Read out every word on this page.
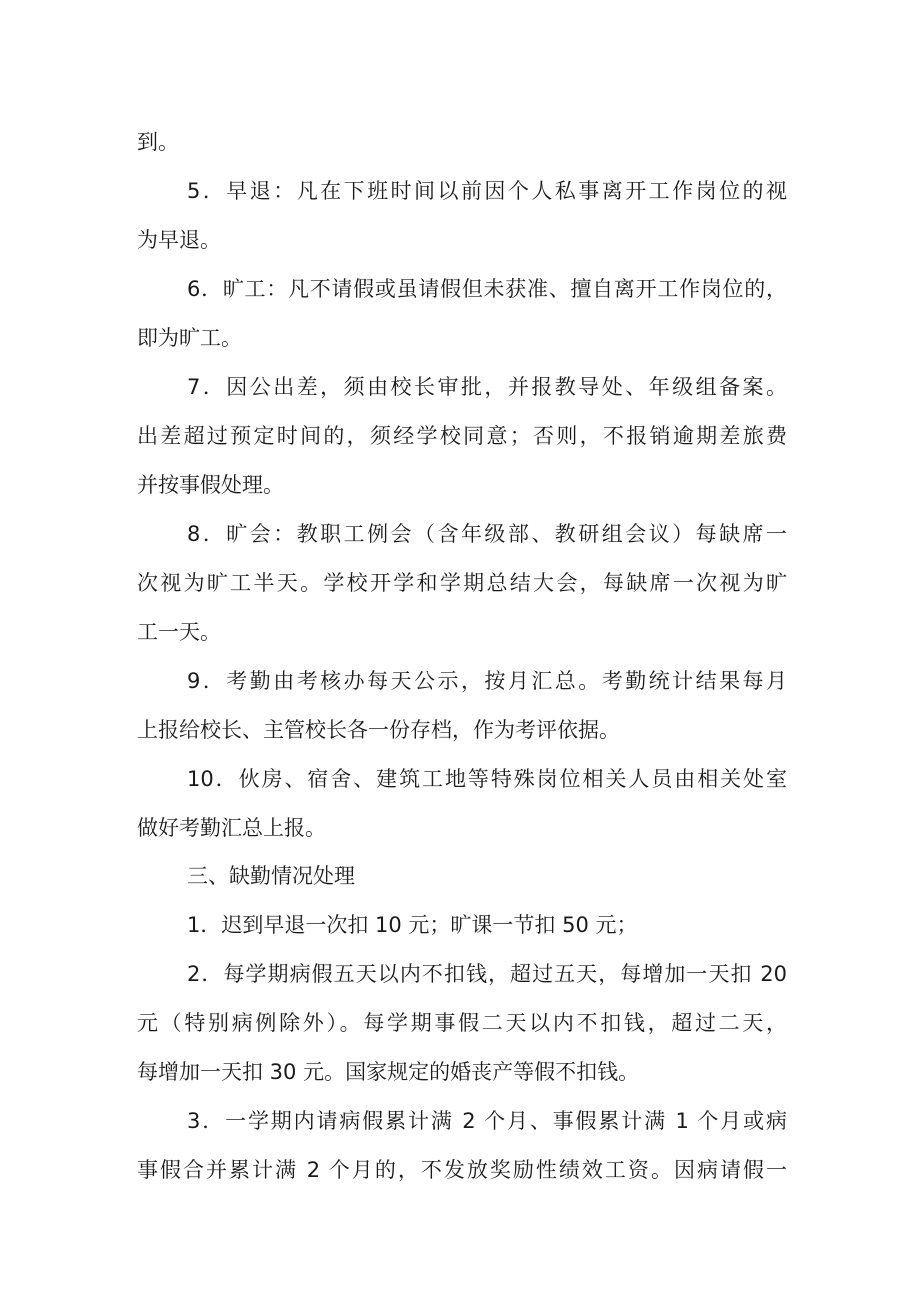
到。
5．早退：凡在下班时间以前因个人私事离开工作岗位的视
为早退。
6．旷工：凡不请假或虽请假但未获准、擅自离开工作岗位的，
即为旷工。
7．因公出差，须由校长审批，并报教导处、年级组备案。
出差超过预定时间的，须经学校同意；否则，不报销逾期差旅费
并按事假处理。
8．旷会：教职工例会（含年级部、教研组会议）每缺席一
次视为旷工半天。学校开学和学期总结大会，每缺席一次视为旷
工一天。
9．考勤由考核办每天公示，按月汇总。考勤统计结果每月
上报给校长、主管校长各一份存档，作为考评依据。
10．伙房、宿舍、建筑工地等特殊岗位相关人员由相关处室
做好考勤汇总上报。
三、缺勤情况处理
1．迟到早退一次扣 10 元；旷课一节扣 50 元；
2．每学期病假五天以内不扣钱，超过五天，每增加一天扣 20
元（特别病例除外）。每学期事假二天以内不扣钱，超过二天，
每增加一天扣 30 元。国家规定的婚丧产等假不扣钱。
3．一学期内请病假累计满 2 个月、事假累计满 1 个月或病
事假合并累计满 2 个月的，不发放奖励性绩效工资。因病请假一
